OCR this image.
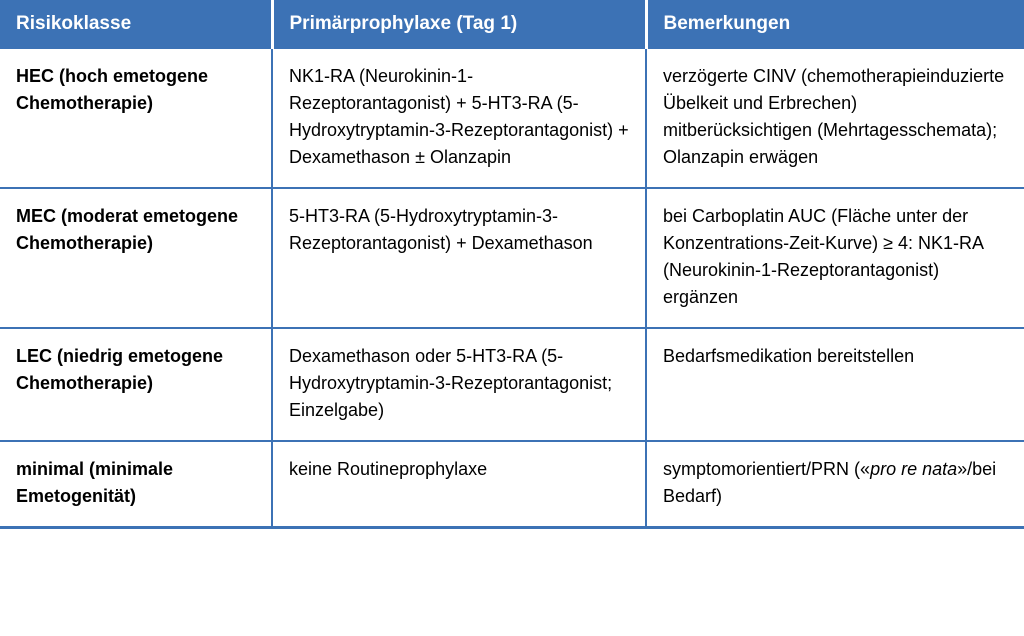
Risikoklasse	Primärprophylaxe (Tag 1)	Bemerkungen
HEC (hoch emetogene Chemotherapie)	NK1-RA (Neurokinin-1-Rezeptorantagonist) + 5-HT3-RA (5-Hydroxytryptamin-3-Rezeptorantagonist) + Dexamethason ± Olanzapin	verzögerte CINV (chemotherapieinduzierte Übelkeit und Erbrechen) mitberücksichtigen (Mehrtagesschemata); Olanzapin erwägen
MEC (moderat emetogene Chemotherapie)	5-HT3-RA (5-Hydroxytryptamin-3-Rezeptorantagonist) + Dexamethason	bei Carboplatin AUC (Fläche unter der Konzentrations-Zeit-Kurve) ≥ 4: NK1-RA (Neurokinin-1-Rezeptorantagonist) ergänzen
LEC (niedrig emetogene Chemotherapie)	Dexamethason oder 5-HT3-RA (5-Hydroxytryptamin-3-Rezeptorantagonist; Einzelgabe)	Bedarfsmedikation bereitstellen
minimal (minimale Emetogenität)	keine Routineprophylaxe	symptomorientiert/PRN («pro re nata»/bei Bedarf)
